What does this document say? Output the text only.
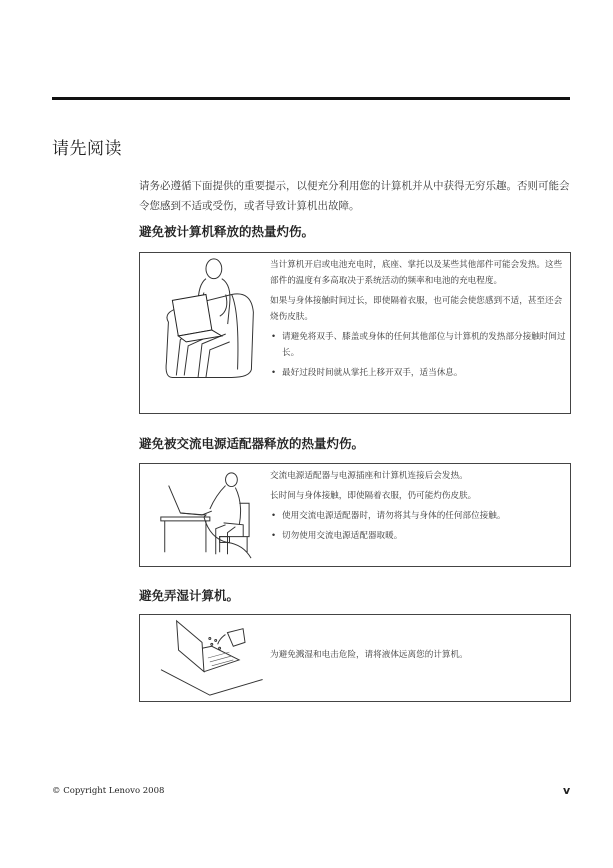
请先阅读

请务必遵循下面提供的重要提示，以便充分利用您的计算机并从中获得无穷乐趣。否则可能会令您感到不适或受伤，或者导致计算机出故障。

避免被计算机释放的热量灼伤。

当计算机开启或电池充电时，底座、掌托以及某些其他部件可能会发热。这些部件的温度有多高取决于系统活动的频率和电池的充电程度。

如果与身体接触时间过长，即使隔着衣服，也可能会使您感到不适，甚至还会烧伤皮肤。

• 请避免将双手、膝盖或身体的任何其他部位与计算机的发热部分接触时间过长。
• 最好过段时间就从掌托上移开双手，适当休息。
避免被交流电源适配器释放的热量灼伤。

交流电源适配器与电源插座和计算机连接后会发热。

长时间与身体接触，即使隔着衣服，仍可能灼伤皮肤。

• 使用交流电源适配器时，请勿将其与身体的任何部位接触。
• 切勿使用交流电源适配器取暖。
避免弄湿计算机。

为避免溅湿和电击危险，请将液体远离您的计算机。

© Copyright Lenovo 2008	v
